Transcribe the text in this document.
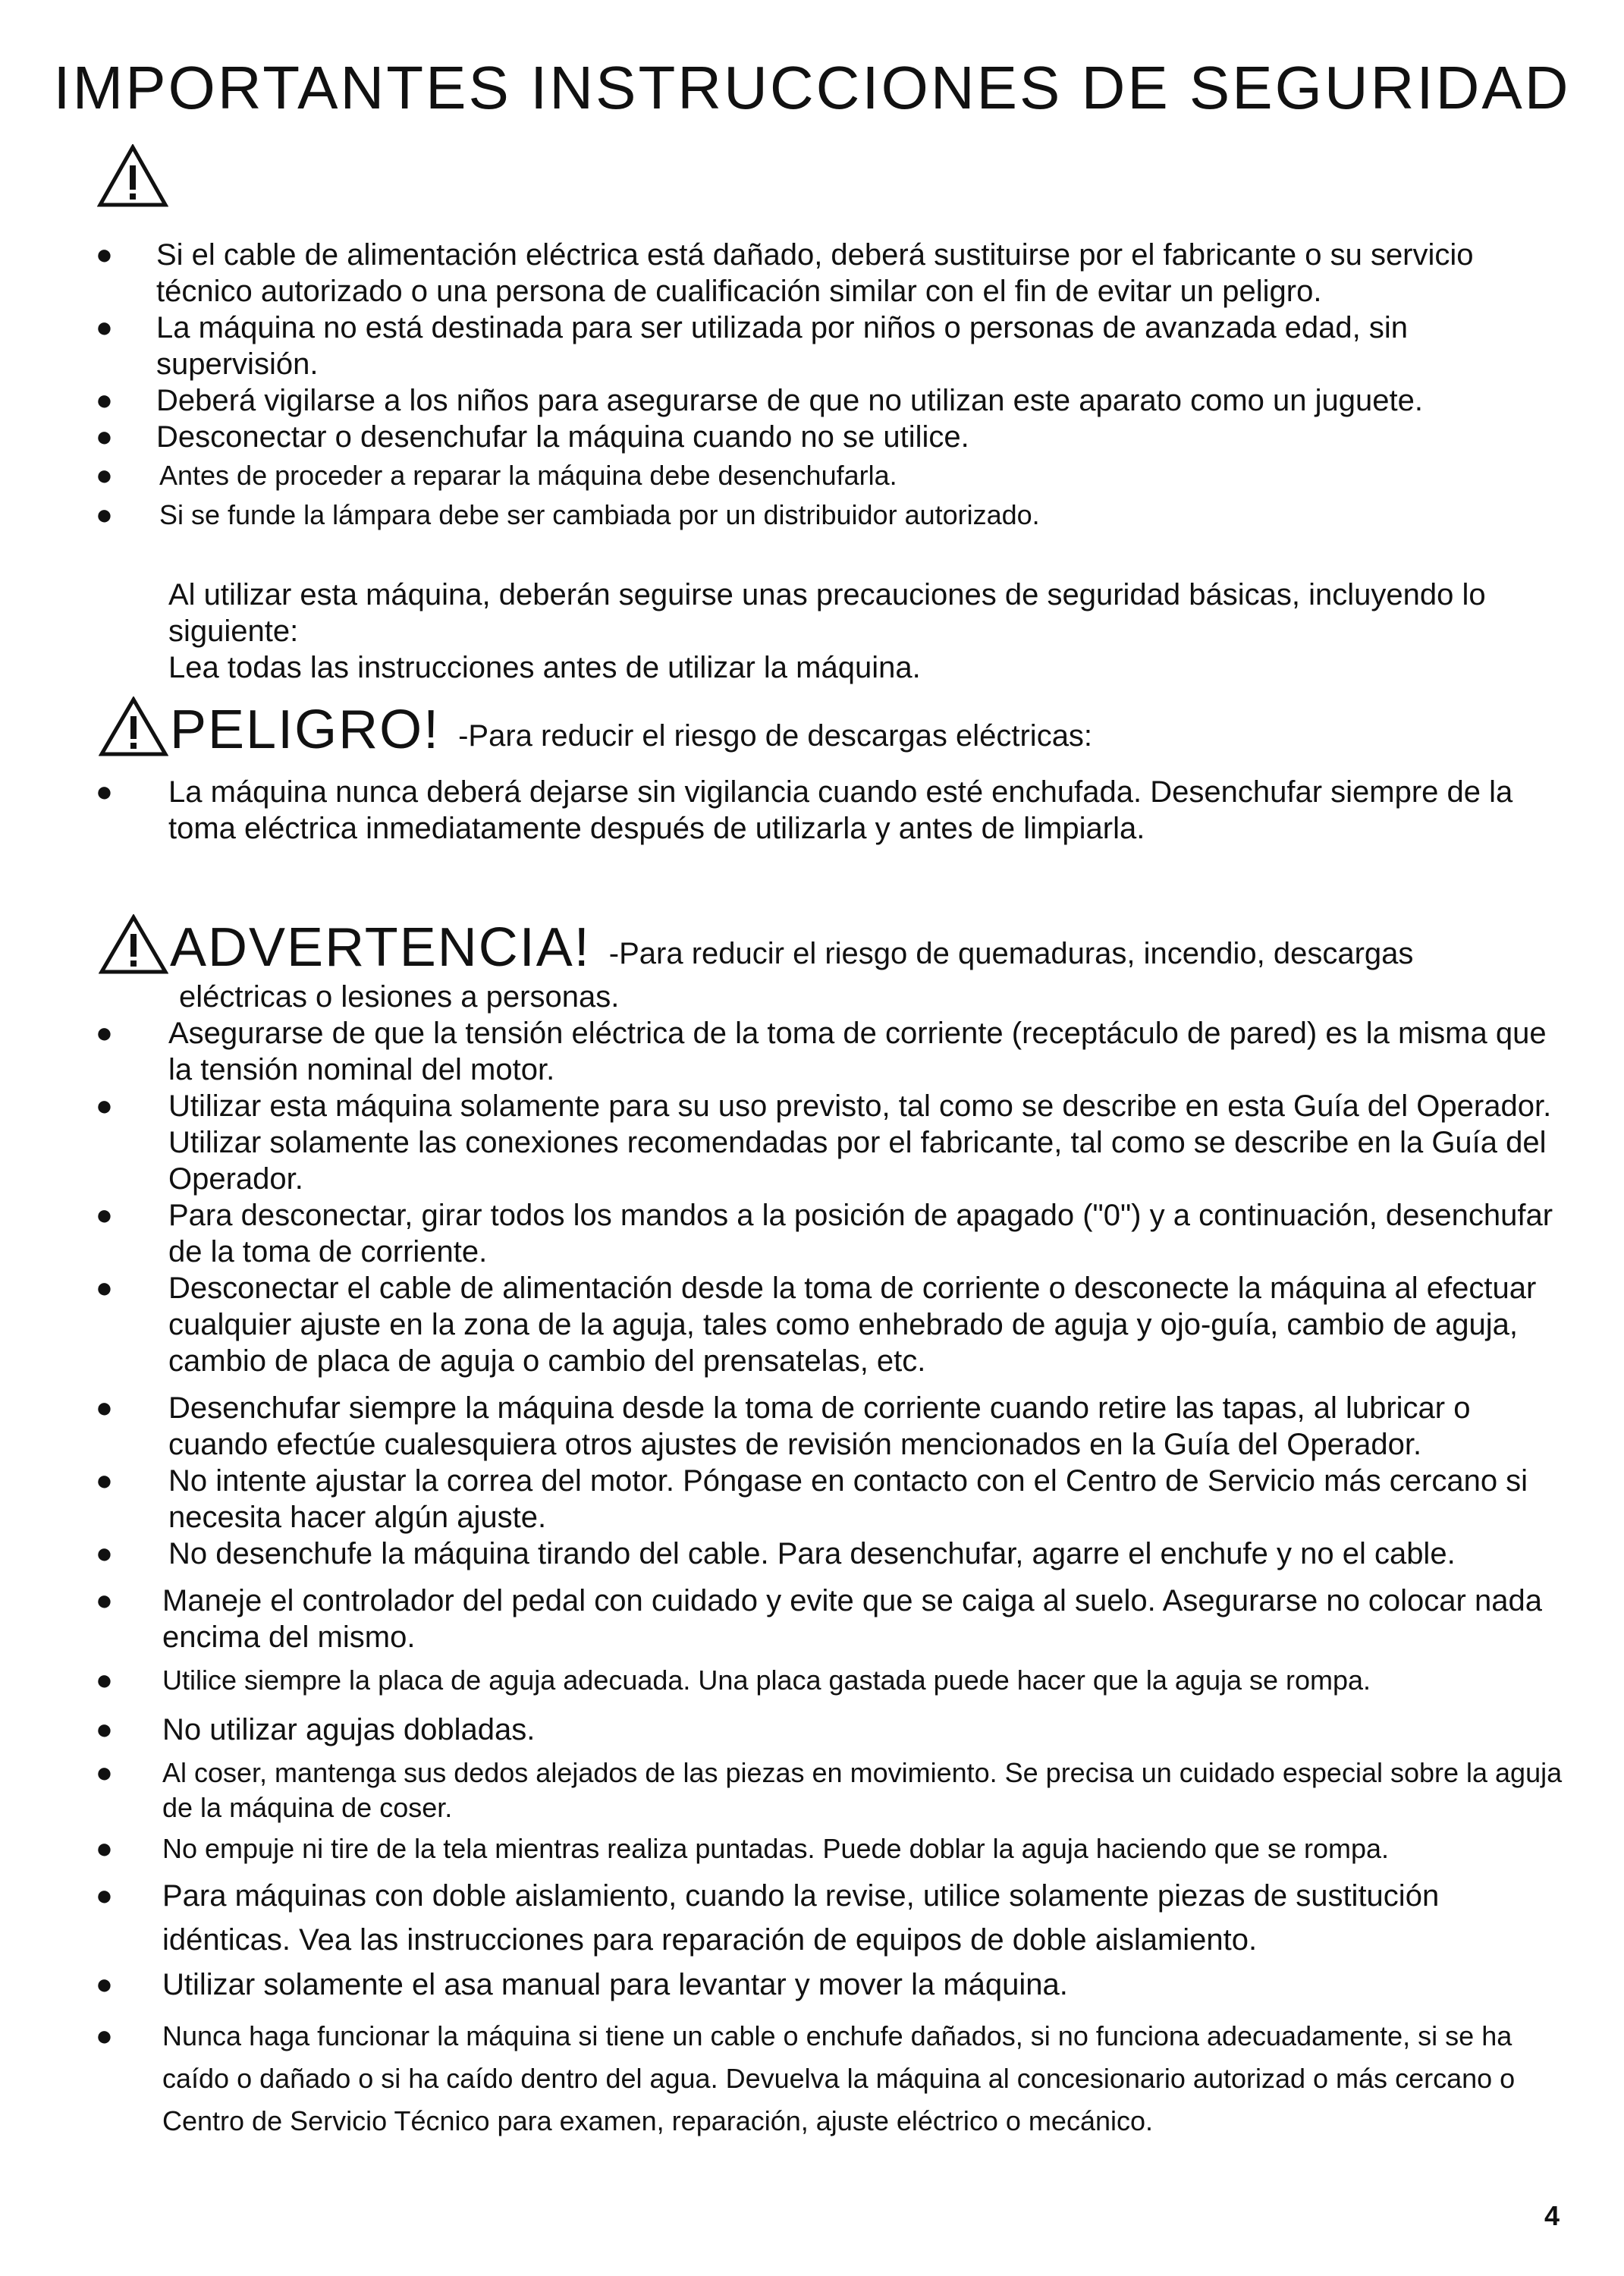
IMPORTANTES INSTRUCCIONES DE SEGURIDAD
● Si el cable de alimentación eléctrica está dañado, deberá sustituirse por el fabricante o su servicio técnico autorizado o una persona de cualificación similar con el fin de evitar un peligro.

● La máquina no está destinada para ser utilizada por niños o personas de avanzada edad, sin supervisión.

● Deberá vigilarse a los niños para asegurarse de que no utilizan este aparato como un juguete.

● Desconectar o desenchufar la máquina cuando no se utilice.

● Antes de proceder a reparar la máquina debe desenchufarla.

● Si se funde la lámpara debe ser cambiada por un distribuidor autorizado.

Al utilizar esta máquina, deberán seguirse unas precauciones de seguridad básicas, incluyendo lo siguiente:

Lea todas las instrucciones antes de utilizar la máquina.

PELIGRO! -Para reducir el riesgo de descargas eléctricas:
● La máquina nunca deberá dejarse sin vigilancia cuando esté enchufada. Desenchufar siempre de la toma eléctrica inmediatamente después de utilizarla y antes de limpiarla.

ADVERTENCIA! -Para reducir el riesgo de quemaduras, incendio, descargas
eléctricas o lesiones a personas.
● Asegurarse de que la tensión eléctrica de la toma de corriente (receptáculo de pared) es la misma que la tensión nominal del motor.

● Utilizar esta máquina solamente para su uso previsto, tal como se describe en esta Guía del Operador. Utilizar solamente las conexiones recomendadas por el fabricante, tal como se describe en la Guía del Operador.

● Para desconectar, girar todos los mandos a la posición de apagado ("0") y a continuación, desenchufar de la toma de corriente.

● Desconectar el cable de alimentación desde la toma de corriente o desconecte la máquina al efectuar cualquier ajuste en la zona de la aguja, tales como enhebrado de aguja y ojo-guía, cambio de aguja, cambio de placa de aguja o cambio del prensatelas, etc.

● Desenchufar siempre la máquina desde la toma de corriente cuando retire las tapas, al lubricar o cuando efectúe cualesquiera otros ajustes de revisión mencionados en la Guía del Operador.

● No intente ajustar la correa del motor. Póngase en contacto con el Centro de Servicio más cercano si necesita hacer algún ajuste.

● No desenchufe la máquina tirando del cable. Para desenchufar, agarre el enchufe y no el cable.

● Maneje el controlador del pedal con cuidado y evite que se caiga al suelo. Asegurarse no colocar nada encima del mismo.

● Utilice siempre la placa de aguja adecuada. Una placa gastada puede hacer que la aguja se rompa.

● No utilizar agujas dobladas.

● Al coser, mantenga sus dedos alejados de las piezas en movimiento. Se precisa un cuidado especial sobre la aguja de la máquina de coser.

● No empuje ni tire de la tela mientras realiza puntadas. Puede doblar la aguja haciendo que se rompa.

● Para máquinas con doble aislamiento, cuando la revise, utilice solamente piezas de sustitución idénticas. Vea las instrucciones para reparación de equipos de doble aislamiento.

● Utilizar solamente el asa manual para levantar y mover la máquina.

● Nunca haga funcionar la máquina si tiene un cable o enchufe dañados, si no funciona adecuadamente, si se ha caído o dañado o si ha caído dentro del agua. Devuelva la máquina al concesionario autorizad o más cercano o Centro de Servicio Técnico para examen, reparación, ajuste eléctrico o mecánico.

4
